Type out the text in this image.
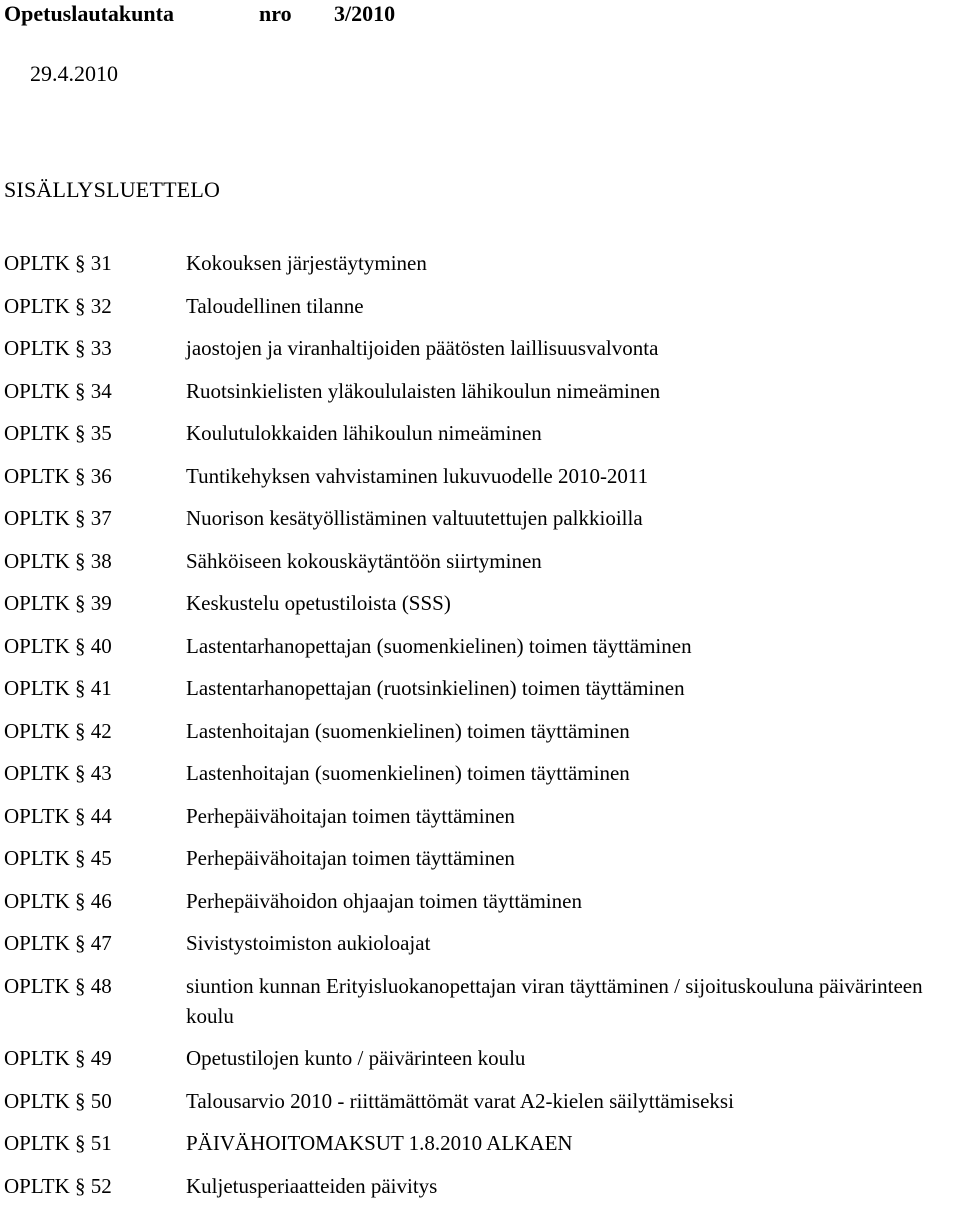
Opetuslautakunta	nro 3/2010
29.4.2010
SISÄLLYSLUETTELO
OPLTK § 31	Kokouksen järjestäytyminen
OPLTK § 32	Taloudellinen tilanne
OPLTK § 33	jaostojen ja viranhaltijoiden päätösten laillisuusvalvonta
OPLTK § 34	Ruotsinkielisten yläkoululaisten lähikoulun nimeäminen
OPLTK § 35	Koulutulokkaiden lähikoulun nimeäminen
OPLTK § 36	Tuntikehyksen vahvistaminen lukuvuodelle 2010-2011
OPLTK § 37	Nuorison kesätyöllistäminen valtuutettujen palkkioilla
OPLTK § 38	Sähköiseen kokouskäytäntöön siirtyminen
OPLTK § 39	Keskustelu opetustiloista (SSS)
OPLTK § 40	Lastentarhanopettajan (suomenkielinen) toimen täyttäminen
OPLTK § 41	Lastentarhanopettajan (ruotsinkielinen) toimen täyttäminen
OPLTK § 42	Lastenhoitajan (suomenkielinen) toimen täyttäminen
OPLTK § 43	Lastenhoitajan (suomenkielinen) toimen täyttäminen
OPLTK § 44	Perhepäivähoitajan toimen täyttäminen
OPLTK § 45	Perhepäivähoitajan toimen täyttäminen
OPLTK § 46	Perhepäivähoidon ohjaajan toimen täyttäminen
OPLTK § 47	Sivistystoimiston aukioloajat
OPLTK § 48	siuntion kunnan Erityisluokanopettajan viran täyttäminen / sijoituskouluna päivärinteen koulu
OPLTK § 49	Opetustilojen kunto / päivärinteen koulu
OPLTK § 50	Talousarvio 2010 - riittämättömät varat A2-kielen säilyttämiseksi
OPLTK § 51	PÄIVÄHOITOMAKSUT 1.8.2010 ALKAEN
OPLTK § 52	Kuljetusperiaatteiden päivitys
